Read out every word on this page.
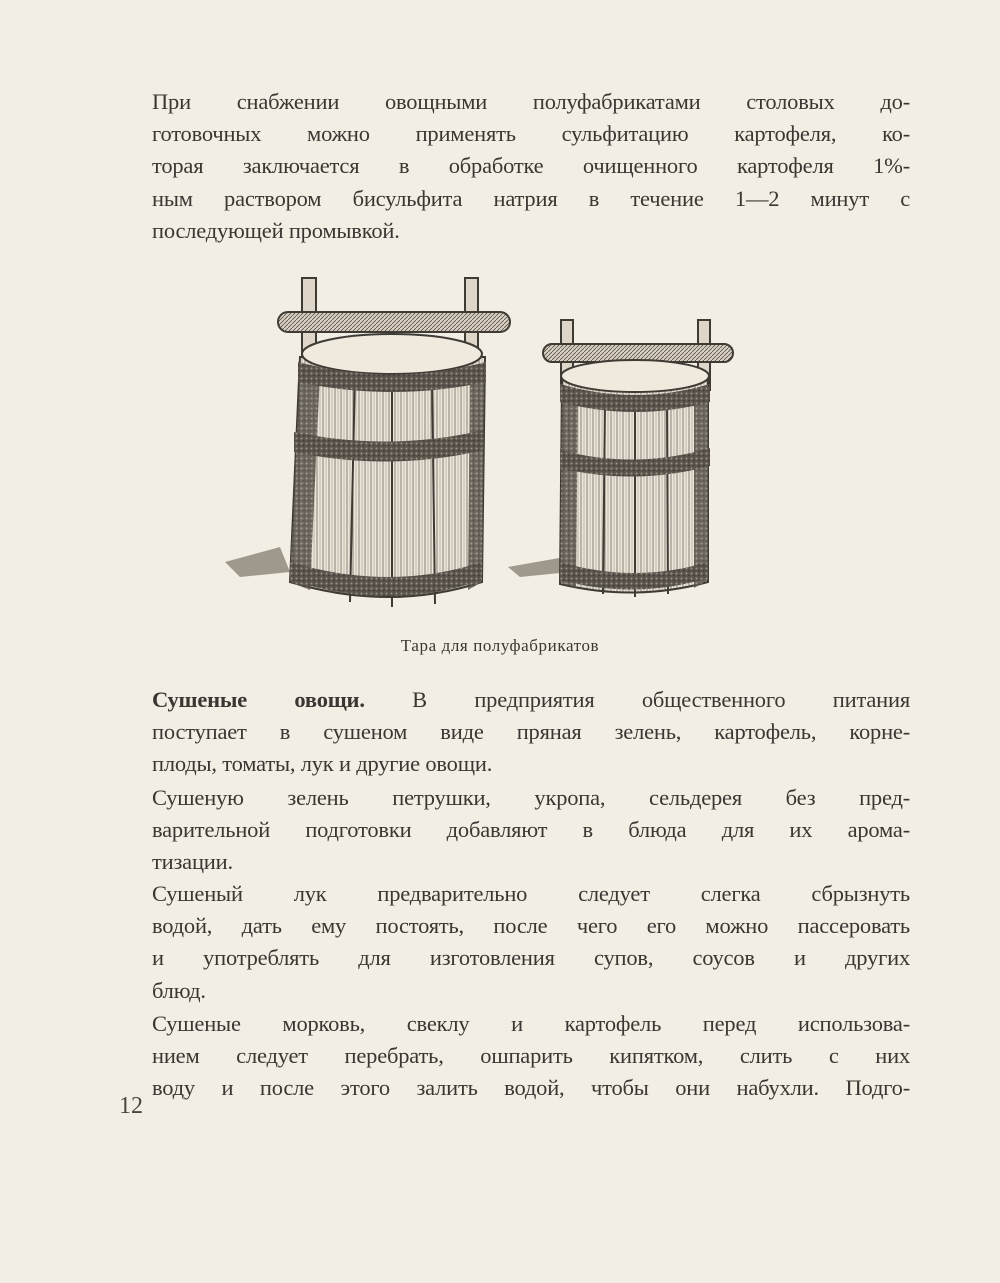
При снабжении овощными полуфабрикатами столовых до-
готовочных можно применять сульфитацию картофеля, ко-
торая заключается в обработке очищенного картофеля 1%-
ным раствором бисульфита натрия в течение 1—2 минут с
последующей промывкой.
Тара для полуфабрикатов
Сушеные овощи. В предприятия общественного питания
поступает в сушеном виде пряная зелень, картофель, корне-
плоды, томаты, лук и другие овощи.
Сушеную зелень петрушки, укропа, сельдерея без пред-
варительной подготовки добавляют в блюда для их арома-
тизации.
Сушеный лук предварительно следует слегка сбрызнуть
водой, дать ему постоять, после чего его можно пассеровать
и употреблять для изготовления супов, соусов и других
блюд.
Сушеные морковь, свеклу и картофель перед использова-
нием следует перебрать, ошпарить кипятком, слить с них
воду и после этого залить водой, чтобы они набухли. Подго-
12
